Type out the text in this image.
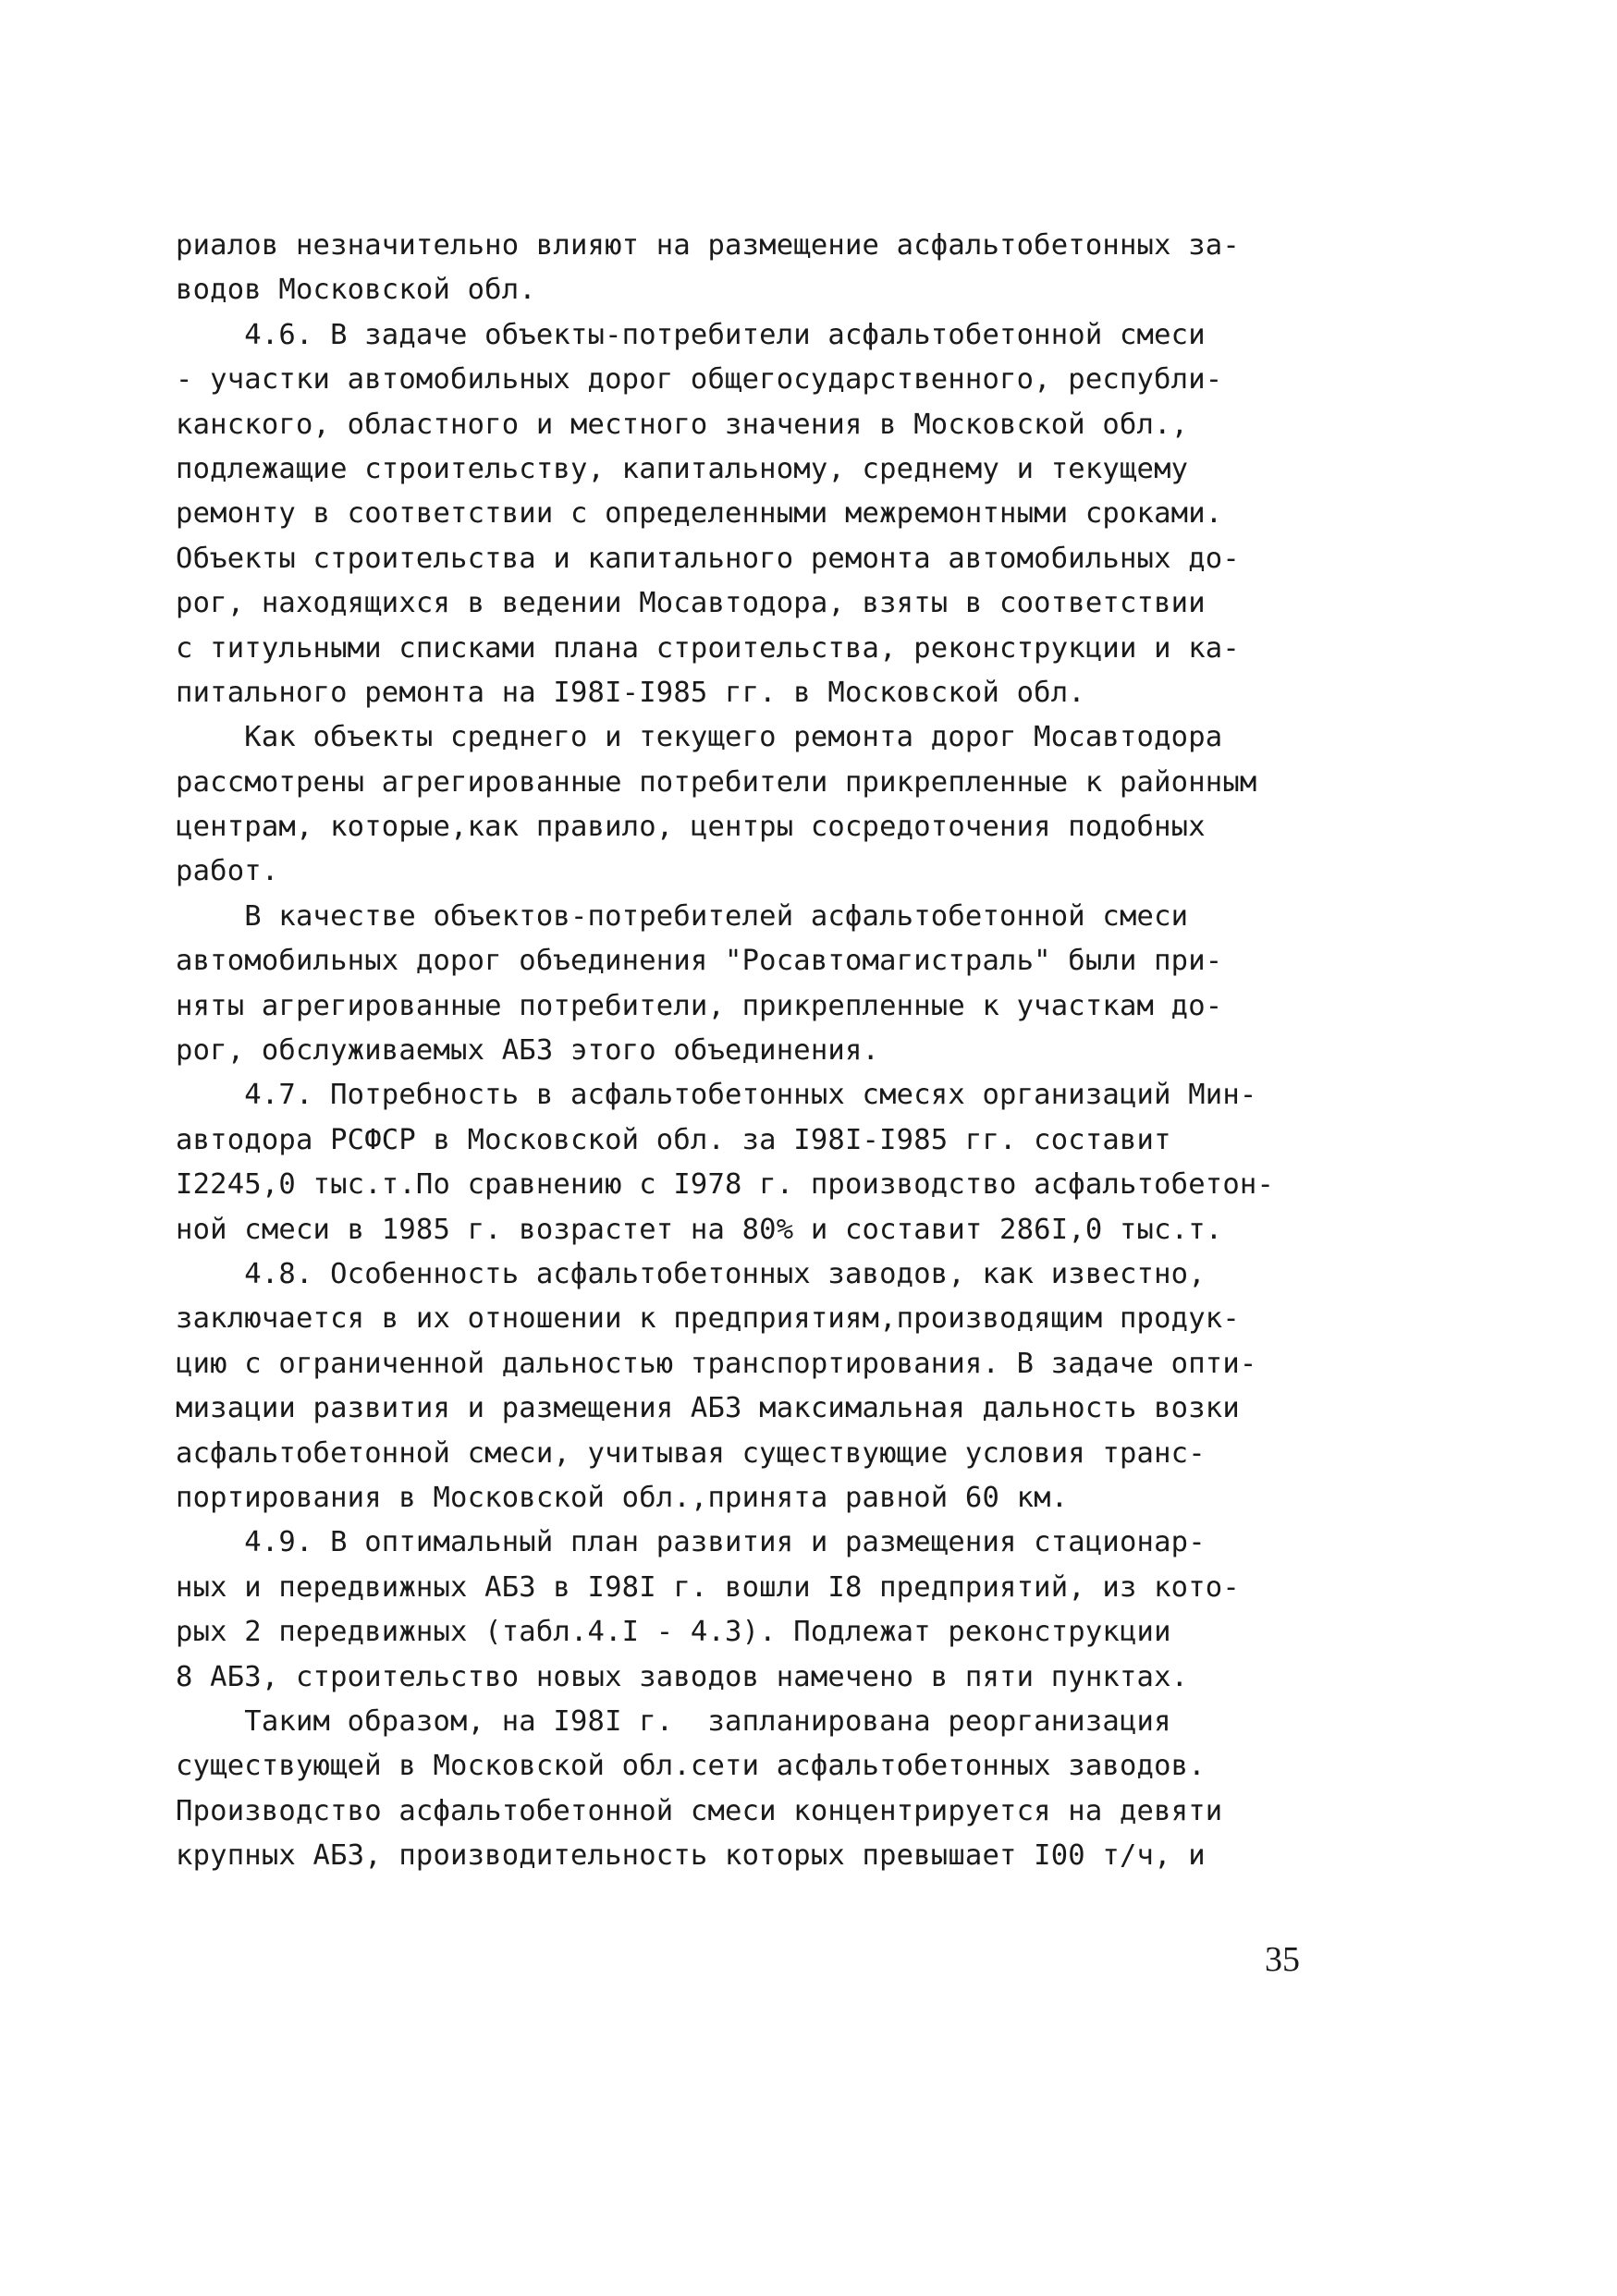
риалов незначительно влияют на размещение асфальтобетонных за-
водов Московской обл.
4.6. В задаче объекты-потребители асфальтобетонной смеси
- участки автомобильных дорог общегосударственного, республи-
канского, областного и местного значения в Московской обл.,
подлежащие строительству, капитальному, среднему и текущему
ремонту в соответствии с определенными межремонтными сроками.
Объекты строительства и капитального ремонта автомобильных до-
рог, находящихся в ведении Мосавтодора, взяты в соответствии
с титульными списками плана строительства, реконструкции и ка-
питального ремонта на I98I-I985 гг. в Московской обл.
Как объекты среднего и текущего ремонта дорог Мосавтодора
рассмотрены агрегированные потребители прикрепленные к районным
центрам, которые,как правило, центры сосредоточения подобных
работ.
В качестве объектов-потребителей асфальтобетонной смеси
автомобильных дорог объединения "Росавтомагистраль" были при-
няты агрегированные потребители, прикрепленные к участкам до-
рог, обслуживаемых АБЗ этого объединения.
4.7. Потребность в асфальтобетонных смесях организаций Мин-
автодора РСФСР в Московской обл. за I98I-I985 гг. составит
I2245,0 тыс.т.По сравнению с I978 г. производство асфальтобетон-
ной смеси в 1985 г. возрастет на 80% и составит 286I,0 тыс.т.
4.8. Особенность асфальтобетонных заводов, как известно,
заключается в их отношении к предприятиям,производящим продук-
цию с ограниченной дальностью транспортирования. В задаче опти-
мизации развития и размещения АБЗ максимальная дальность возки
асфальтобетонной смеси, учитывая существующие условия транс-
портирования в Московской обл.,принята равной 60 км.
4.9. В оптимальный план развития и размещения стационар-
ных и передвижных АБЗ в I98I г. вошли I8 предприятий, из кото-
рых 2 передвижных (табл.4.I - 4.3). Подлежат реконструкции
8 АБЗ, строительство новых заводов намечено в пяти пунктах.
Таким образом, на I98I г.  запланирована реорганизация
существующей в Московской обл.сети асфальтобетонных заводов.
Производство асфальтобетонной смеси концентрируется на девяти
крупных АБЗ, производительность которых превышает I00 т/ч, и
35
